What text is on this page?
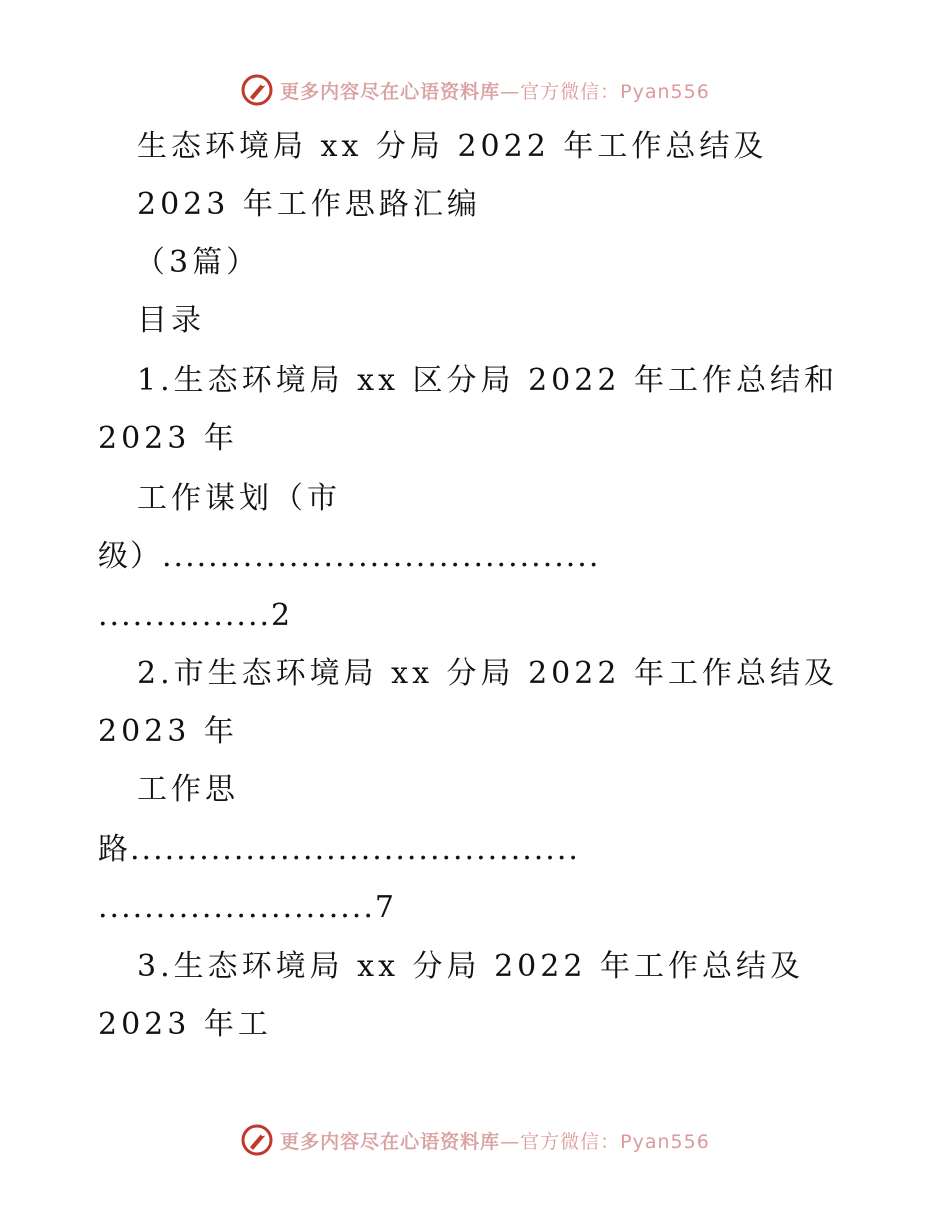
更多内容尽在心语资料库—官方微信：Pyan556
生态环境局 xx 分局 2022 年工作总结及
2023 年工作思路汇编
（3篇）
目录
1.生态环境局 xx 区分局 2022 年工作总结和
2023 年
工作谋划（市
级）......................................
...............2
2.市生态环境局 xx 分局 2022 年工作总结及
2023 年
工作思
路.......................................
........................7
3.生态环境局 xx 分局 2022 年工作总结及
2023 年工
更多内容尽在心语资料库—官方微信：Pyan556
